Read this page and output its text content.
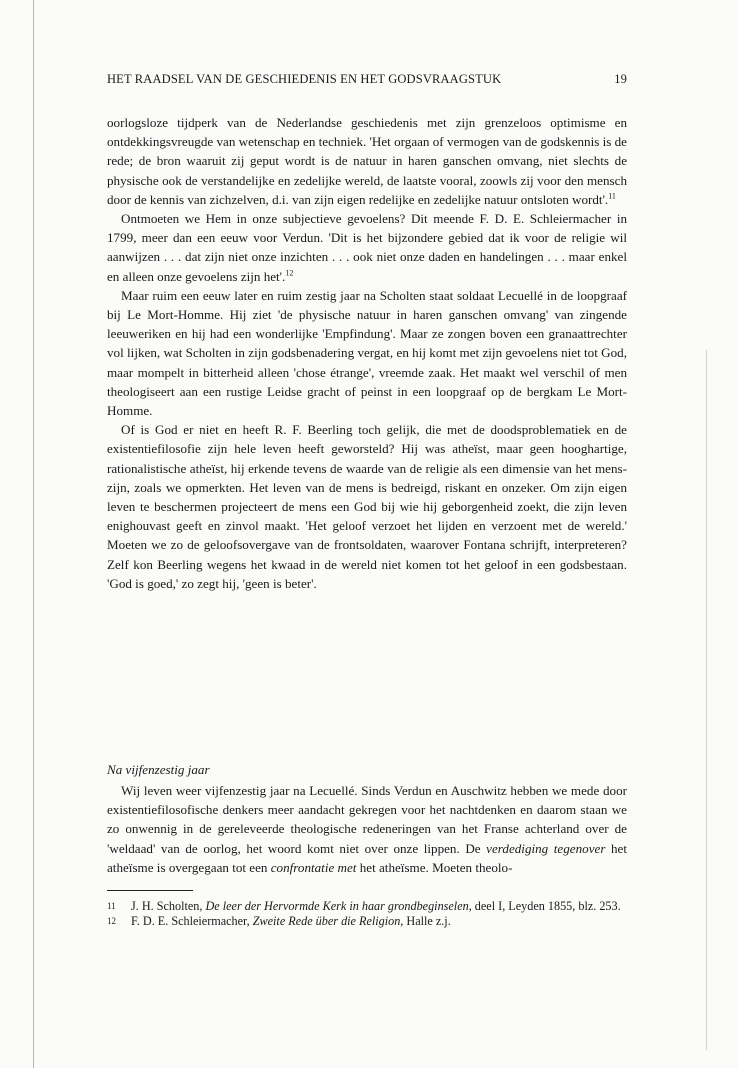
HET RAADSEL VAN DE GESCHIEDENIS EN HET GODSVRAAGSTUK	19

oorlogsloze tijdperk van de Nederlandse geschiedenis met zijn grenzeloos optimisme en ontdekkingsvreugde van wetenschap en techniek. 'Het orgaan of vermogen van de godskennis is de rede; de bron waaruit zij geput wordt is de natuur in haren ganschen omvang, niet slechts de physische ook de verstandelijke en zedelijke wereld, de laatste vooral, zoowls zij voor den mensch door de kennis van zichzelven, d.i. van zijn eigen redelijke en zedelijke natuur ontsloten wordt'.$^{11}$

Ontmoeten we Hem in onze subjectieve gevoelens? Dit meende F. D. E. Schleiermacher in 1799, meer dan een eeuw voor Verdun. 'Dit is het bijzondere gebied dat ik voor de religie wil aanwijzen . . . dat zijn niet onze inzichten . . . ook niet onze daden en handelingen . . . maar enkel en alleen onze gevoelens zijn het'.$^{12}$

Maar ruim een eeuw later en ruim zestig jaar na Scholten staat soldaat Lecuellé in de loopgraaf bij Le Mort-Homme. Hij ziet 'de physische natuur in haren ganschen omvang' van zingende leeuweriken en hij had een wonderlijke 'Empfindung'. Maar ze zongen boven een granaattrechter vol lijken, wat Scholten in zijn godsbenadering vergat, en hij komt met zijn gevoelens niet tot God, maar mompelt in bitterheid alleen 'chose étrange', vreemde zaak. Het maakt wel verschil of men theologiseert aan een rustige Leidse gracht of peinst in een loopgraaf op de bergkam Le Mort-Homme.

Of is God er niet en heeft R. F. Beerling toch gelijk, die met de doodsproblematiek en de existentiefilosofie zijn hele leven heeft geworsteld? Hij was atheïst, maar geen hooghartige, rationalistische atheïst, hij erkende tevens de waarde van de religie als een dimensie van het mens-zijn, zoals we opmerkten. Het leven van de mens is bedreigd, riskant en onzeker. Om zijn eigen leven te beschermen projecteert de mens een God bij wie hij geborgenheid zoekt, die zijn leven enighouvast geeft en zinvol maakt. 'Het geloof verzoet het lijden en verzoent met de wereld.' Moeten we zo de geloofsovergave van de frontsoldaten, waarover Fontana schrijft, interpreteren? Zelf kon Beerling wegens het kwaad in de wereld niet komen tot het geloof in een godsbestaan. 'God is goed,' zo zegt hij, 'geen is beter'.

Na vijfenzestig jaar

Wij leven weer vijfenzestig jaar na Lecuellé. Sinds Verdun en Auschwitz hebben we mede door existentiefilosofische denkers meer aandacht gekregen voor het nachtdenken en daarom staan we zo onwennig in de gereleveerde theologische redeneringen van het Franse achterland over de 'weldaad' van de oorlog, het woord komt niet over onze lippen. De verdediging tegenover het atheïsme is overgegaan tot een confrontatie met het atheïsme. Moeten theolo-

11	J. H. Scholten, De leer der Hervormde Kerk in haar grondbeginselen, deel I, Leyden 1855, blz. 253.
12	F. D. E. Schleiermacher, Zweite Rede über die Religion, Halle z.j.
